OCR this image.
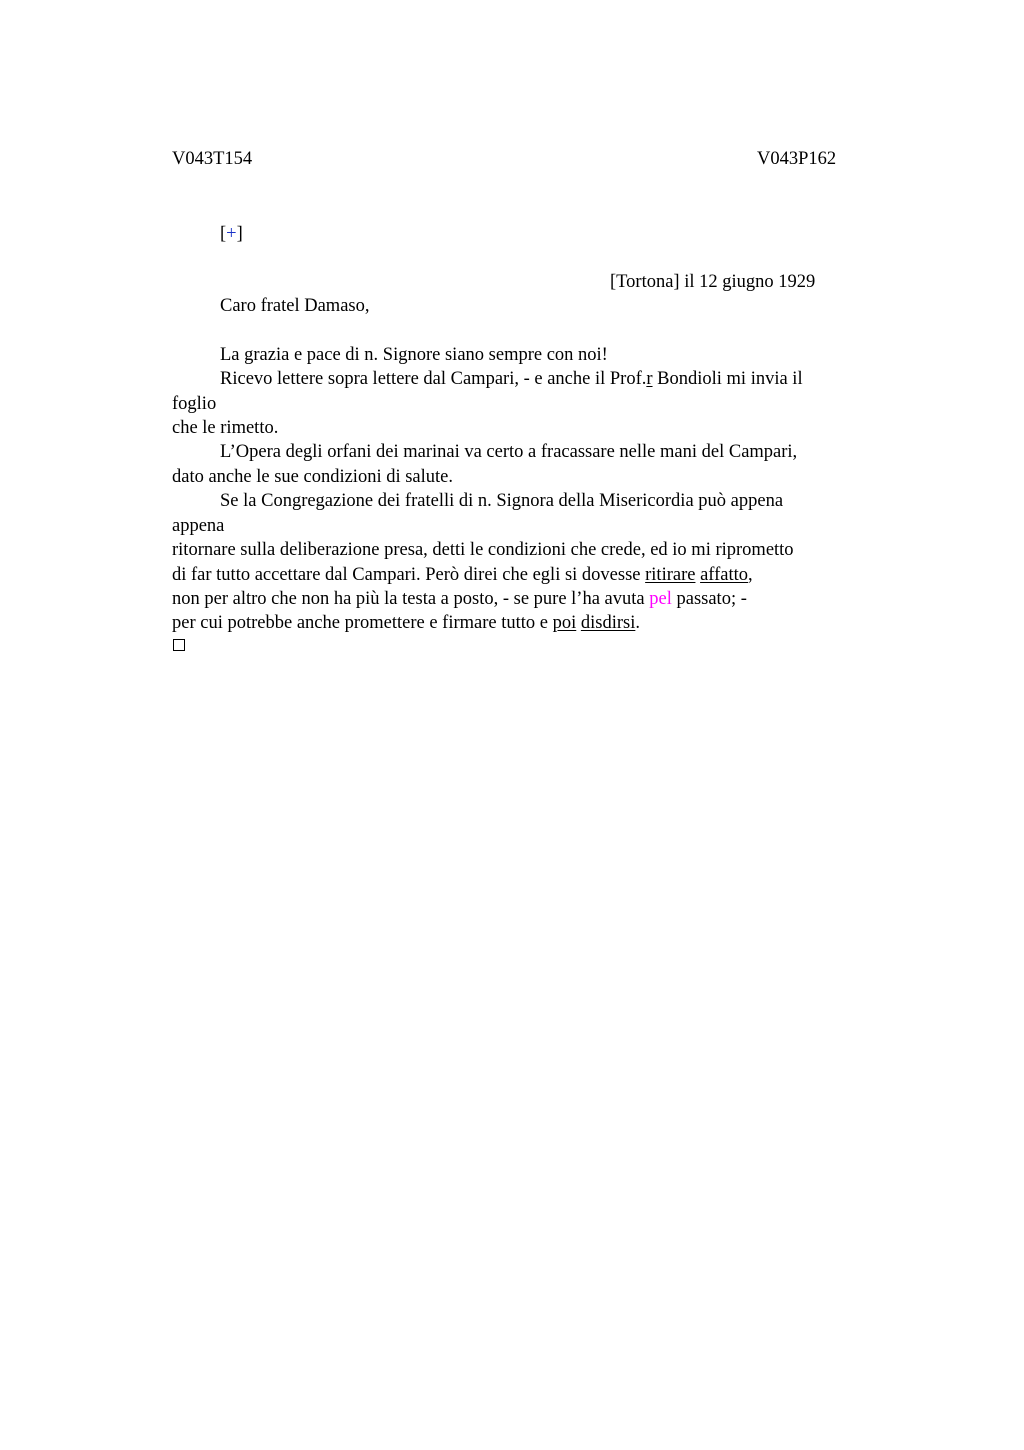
V043T154	V043P162
[+]
[Tortona] il 12 giugno 1929
Caro fratel Damaso,
La grazia e pace di n. Signore siano sempre con noi!
Ricevo lettere sopra lettere dal Campari, - e anche il Prof.r Bondioli mi invia il
foglio
che le rimetto.
L’Opera degli orfani dei marinai va certo a fracassare nelle mani del Campari,
dato anche le sue condizioni di salute.
Se la Congregazione dei fratelli di n. Signora della Misericordia può appena
appena
ritornare sulla deliberazione presa, detti le condizioni che crede, ed io mi riprometto
di far tutto accettare dal Campari. Però direi che egli si dovesse ritirare affatto,
non per altro che non ha più la testa a posto, - se pure l’ha avuta pel passato; -
per cui potrebbe anche promettere e firmare tutto e poi disdirsi.
